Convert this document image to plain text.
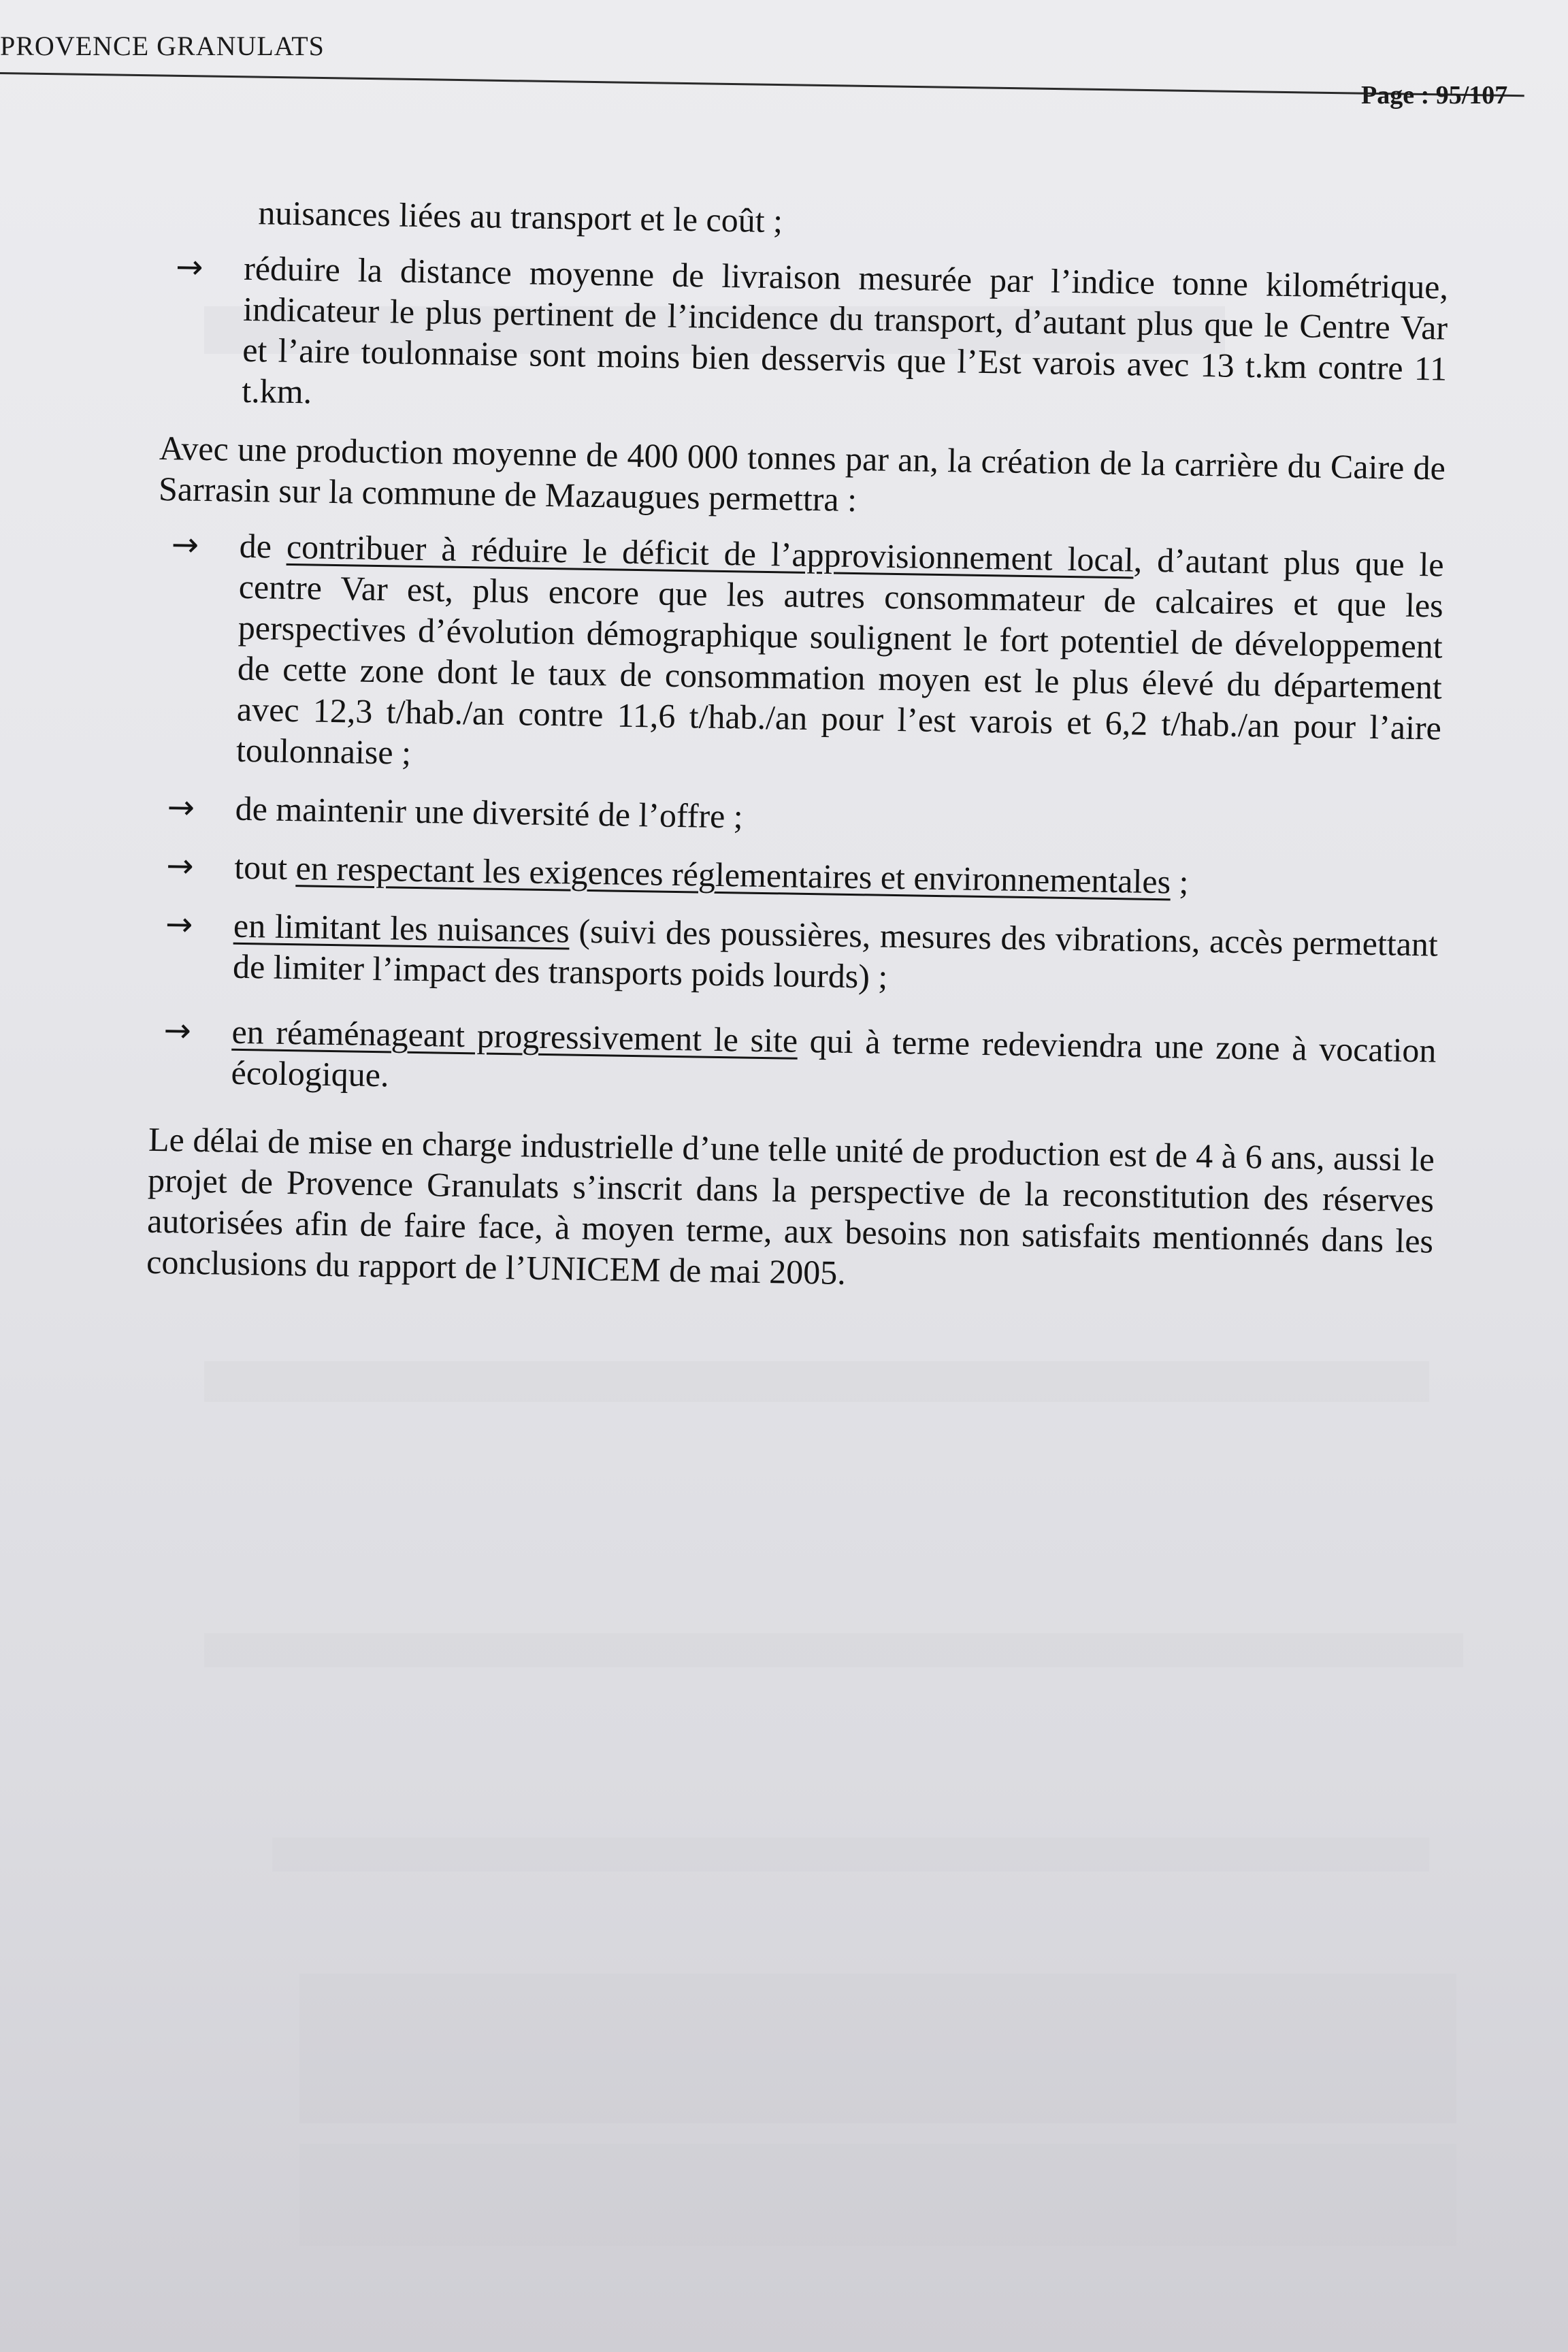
PROVENCE GRANULATS
Page : 95/107

nuisances liées au transport et le coût ;

→ réduire la distance moyenne de livraison mesurée par l’indice tonne kilométrique, indicateur le plus pertinent de l’incidence du transport, d’autant plus que le Centre Var et l’aire toulonnaise sont moins bien desservis que l’Est varois avec 13 t.km contre 11 t.km.

Avec une production moyenne de 400 000 tonnes par an, la création de la carrière du Caire de Sarrasin sur la commune de Mazaugues permettra :

→ de contribuer à réduire le déficit de l’approvisionnement local, d’autant plus que le centre Var est, plus encore que les autres consommateur de calcaires et que les perspectives d’évolution démographique soulignent le fort potentiel de développement de cette zone dont le taux de consommation moyen est le plus élevé du département avec 12,3 t/hab./an contre 11,6 t/hab./an pour l’est varois et 6,2 t/hab./an pour l’aire toulonnaise ;
→ de maintenir une diversité de l’offre ;
→ tout en respectant les exigences réglementaires et environnementales ;
→ en limitant les nuisances (suivi des poussières, mesures des vibrations, accès permettant de limiter l’impact des transports poids lourds) ;
→ en réaménageant progressivement le site qui à terme redeviendra une zone à vocation écologique.

Le délai de mise en charge industrielle d’une telle unité de production est de 4 à 6 ans, aussi le projet de Provence Granulats s’inscrit dans la perspective de la reconstitution des réserves autorisées afin de faire face, à moyen terme, aux besoins non satisfaits mentionnés dans les conclusions du rapport de l’UNICEM de mai 2005.
